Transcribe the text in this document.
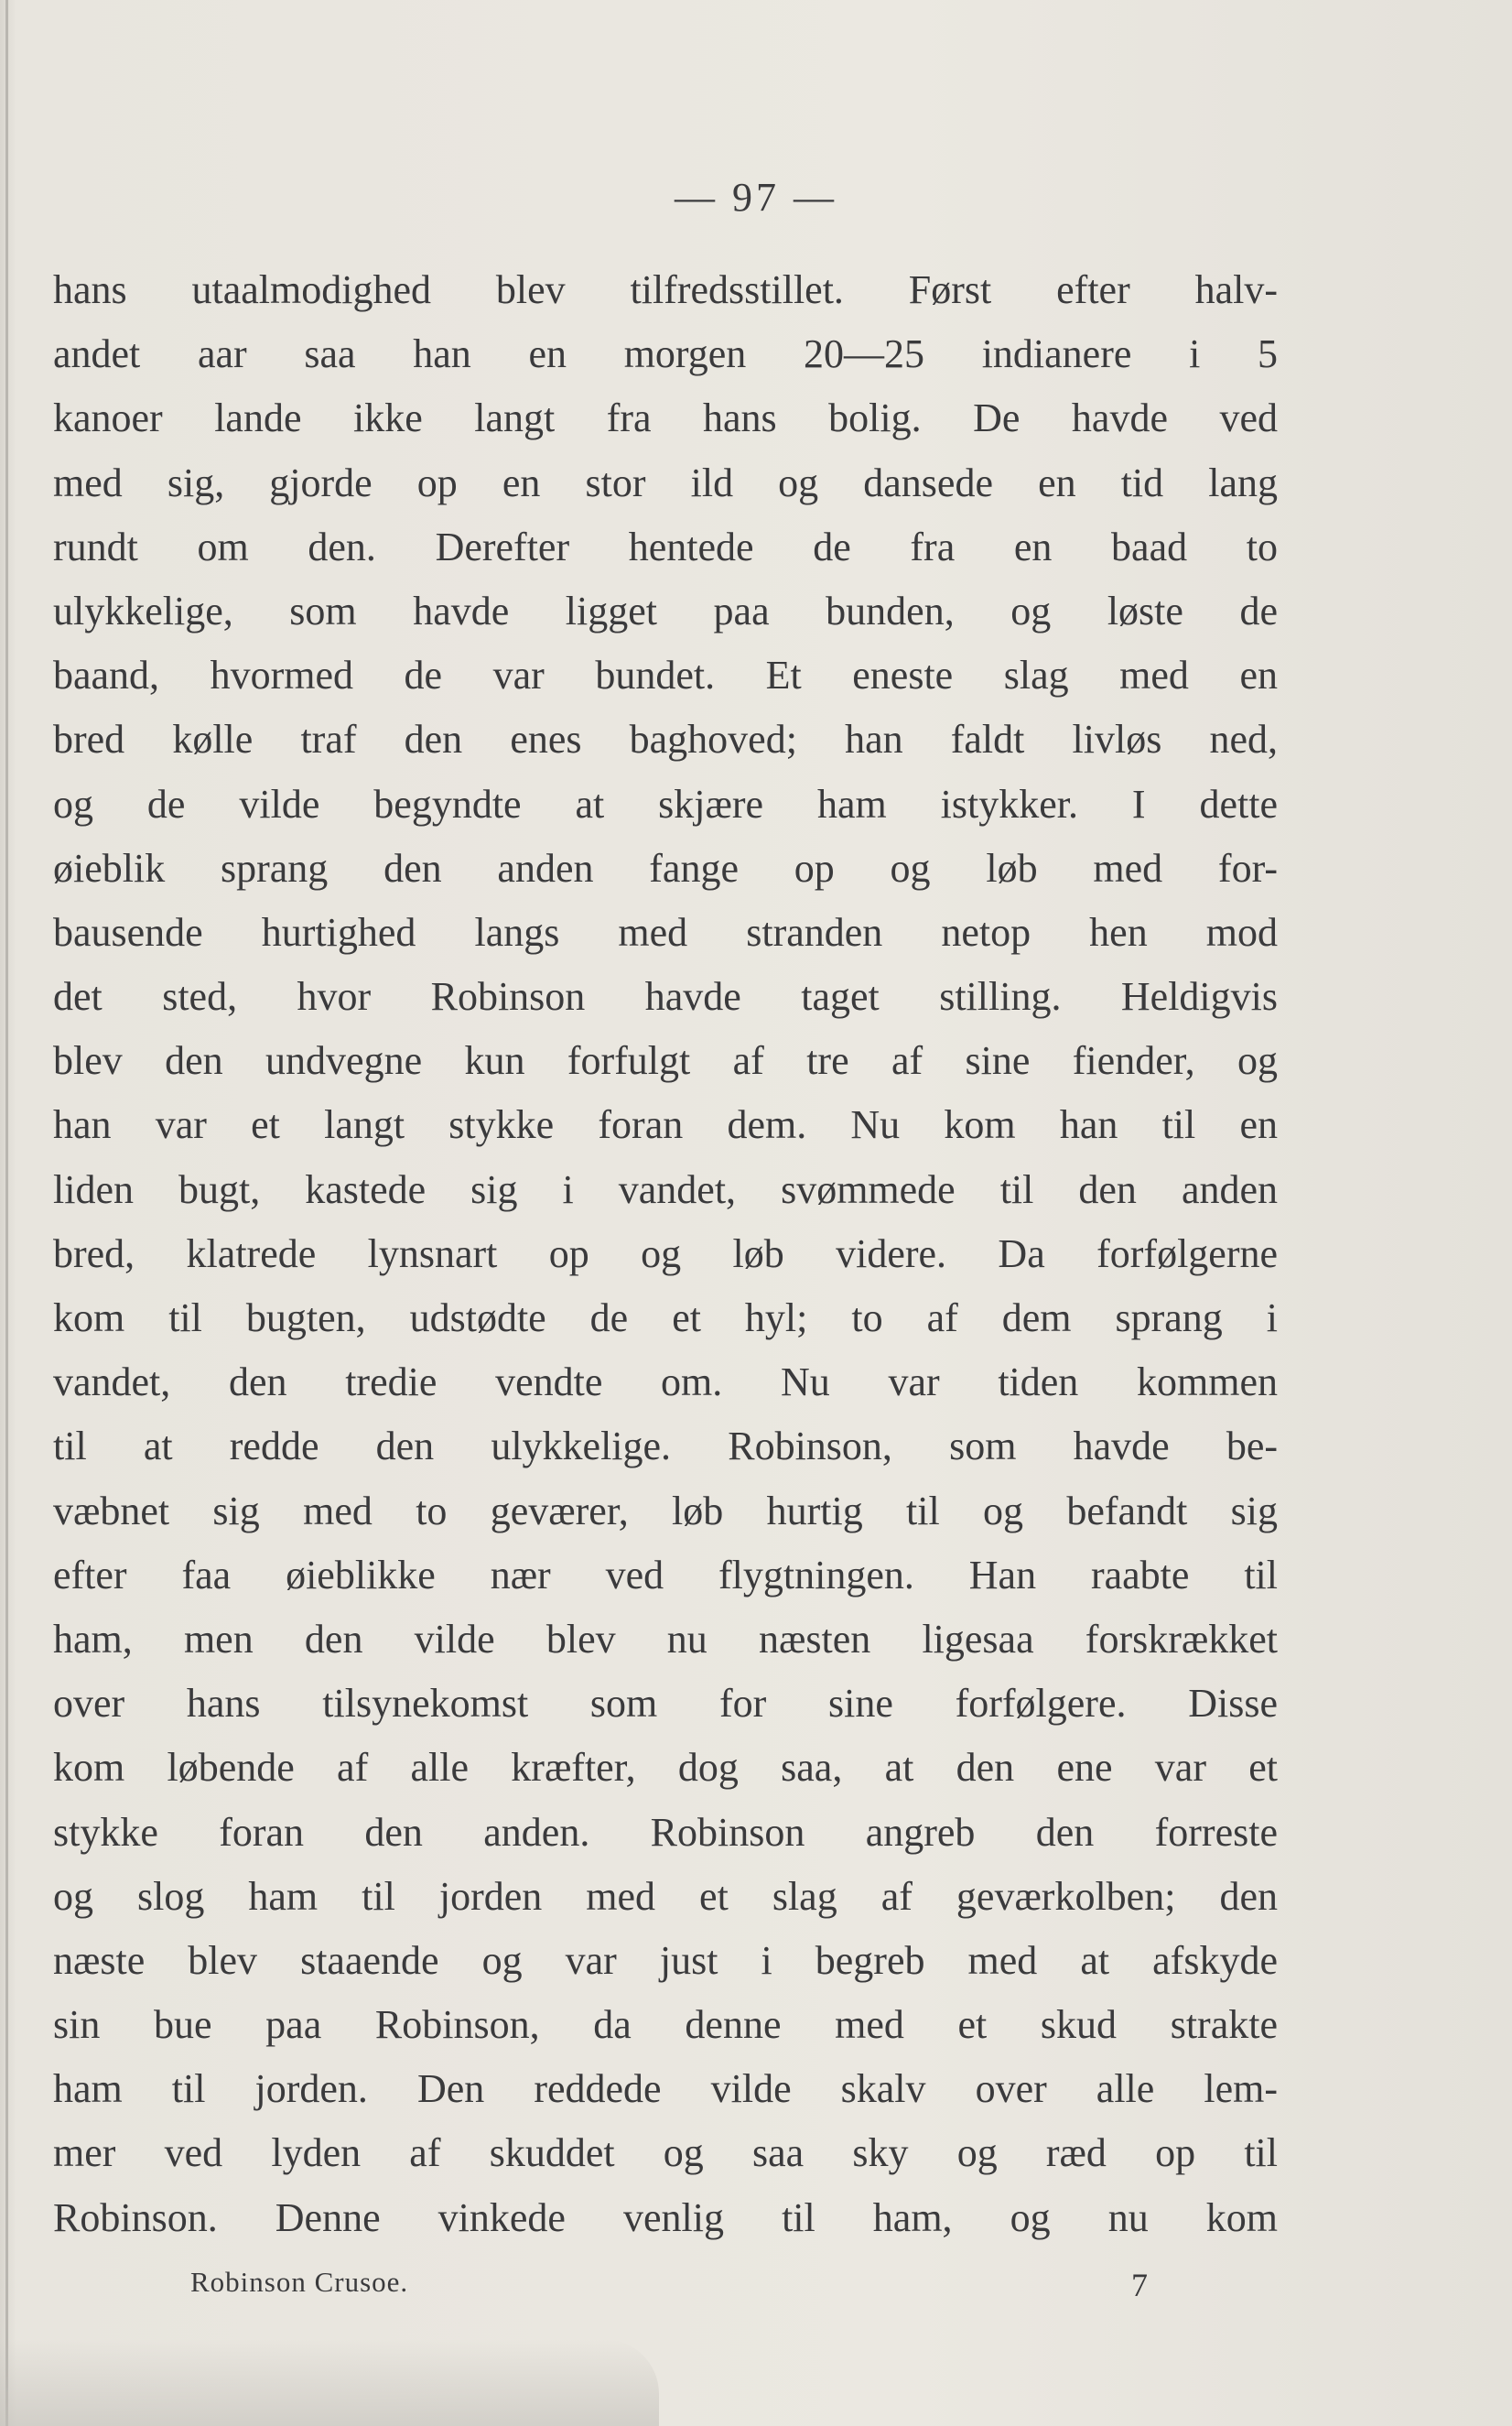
— 97 —
hans utaalmodighed blev tilfredsstillet. Først efter halv-
andet aar saa han en morgen 20—25 indianere i 5
kanoer lande ikke langt fra hans bolig. De havde ved
med sig, gjorde op en stor ild og dansede en tid lang
rundt om den. Derefter hentede de fra en baad to
ulykkelige, som havde ligget paa bunden, og løste de
baand, hvormed de var bundet. Et eneste slag med en
bred kølle traf den enes baghoved; han faldt livløs ned,
og de vilde begyndte at skjære ham istykker. I dette
øieblik sprang den anden fange op og løb med for-
bausende hurtighed langs med stranden netop hen mod
det sted, hvor Robinson havde taget stilling. Heldigvis
blev den undvegne kun forfulgt af tre af sine fiender, og
han var et langt stykke foran dem. Nu kom han til en
liden bugt, kastede sig i vandet, svømmede til den anden
bred, klatrede lynsnart op og løb videre. Da forfølgerne
kom til bugten, udstødte de et hyl; to af dem sprang i
vandet, den tredie vendte om. Nu var tiden kommen
til at redde den ulykkelige. Robinson, som havde be-
væbnet sig med to geværer, løb hurtig til og befandt sig
efter faa øieblikke nær ved flygtningen. Han raabte til
ham, men den vilde blev nu næsten ligesaa forskrækket
over hans tilsynekomst som for sine forfølgere. Disse
kom løbende af alle kræfter, dog saa, at den ene var et
stykke foran den anden. Robinson angreb den forreste
og slog ham til jorden med et slag af geværkolben; den
næste blev staaende og var just i begreb med at afskyde
sin bue paa Robinson, da denne med et skud strakte
ham til jorden. Den reddede vilde skalv over alle lem-
mer ved lyden af skuddet og saa sky og ræd op til
Robinson. Denne vinkede venlig til ham, og nu kom
Robinson Crusoe.	7
